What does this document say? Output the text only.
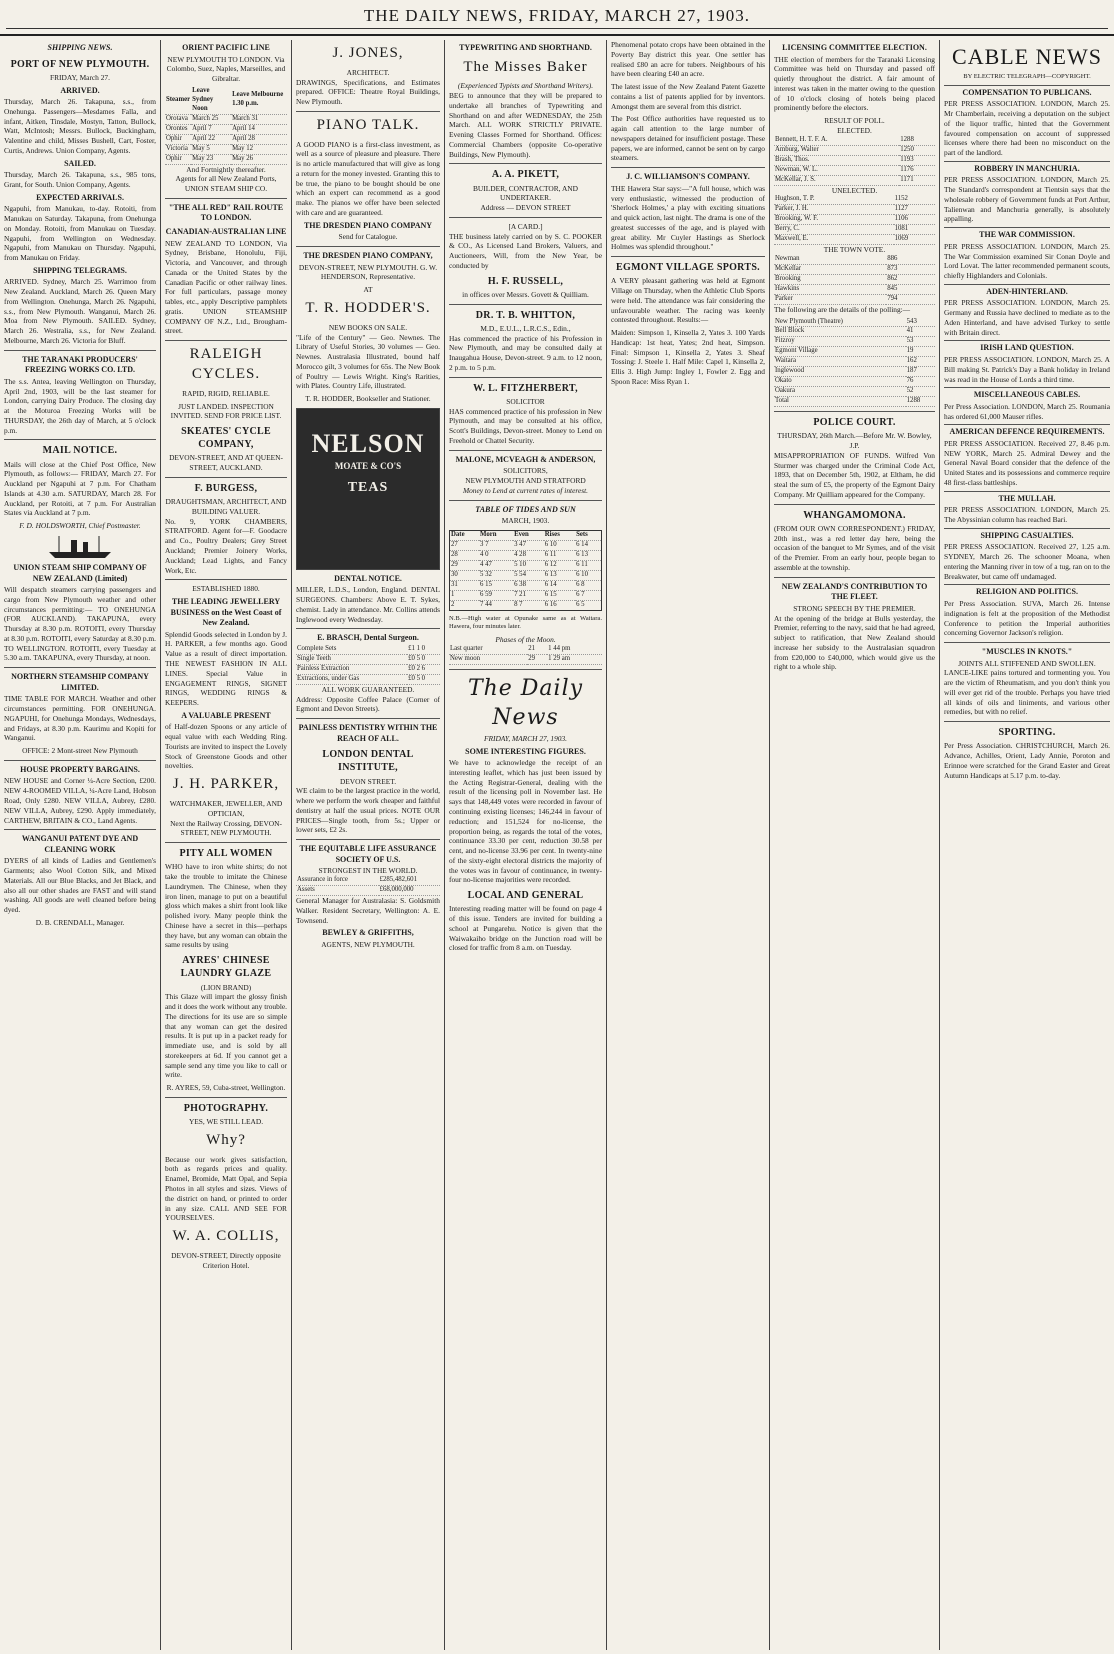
THE DAILY NEWS, FRIDAY, MARCH 27, 1903.
SHIPPING NEWS.
PORT OF NEW PLYMOUTH.
FRIDAY, March 27.
ARRIVED.

Thursday, March 26. Takapuna, s.s., from Onehunga. Passengers—Mesdames Falla, and infant, Aitken, Tinsdale, Mostyn, Tatton, Bullock, Watt, McIntosh; Messrs. Bullock, Buckingham, Valentine and child, Misses Bushell, Cart, Foster, Curtis, Andrews. Union Company, Agents.

SAILED.

Thursday, March 26. Takapuna, s.s., 985 tons, Grant, for South. Union Company, Agents.

EXPECTED ARRIVALS.

Ngapuhi, from Manukau, to-day. Rotoiti, from Manukau on Saturday. Takapuna, from Onehunga on Monday. Rotoiti, from Manukau on Tuesday. Ngapuhi, from Wellington on Wednesday. Ngapuhi, from Manukau on Thursday. Ngapuhi, from Manukau on Friday.

SHIPPING TELEGRAMS.

ARRIVED. Sydney, March 25. Warrimoo from New Zealand. Auckland, March 26. Queen Mary from Wellington. Onehunga, March 26. Ngapuhi, s.s., from New Plymouth. Wanganui, March 26. Moa from New Plymouth. SAILED. Sydney, March 26. Westralia, s.s., for New Zealand. Melbourne, March 26. Victoria for Bluff.

THE TARANAKI PRODUCERS' FREEZING WORKS CO. LTD.

The s.s. Antea, leaving Wellington on Thursday, April 2nd, 1903, will be the last steamer for London, carrying Dairy Produce. The closing day at the Moturoa Freezing Works will be THURSDAY, the 26th day of March, at 5 o'clock p.m.

MAIL NOTICE.

Mails will close at the Chief Post Office, New Plymouth, as follows:— FRIDAY, March 27. For Auckland per Ngapuhi at 7 p.m. For Chatham Islands at 4.30 a.m. SATURDAY, March 28. For Auckland, per Rotoiti, at 7 p.m. For Australian States via Auckland at 7 p.m.

F. D. HOLDSWORTH, Chief Postmaster.
UNION STEAM SHIP COMPANY OF NEW ZEALAND (Limited)

Will despatch steamers carrying passengers and cargo from New Plymouth weather and other circumstances permitting:— TO ONEHUNGA (FOR AUCKLAND). TAKAPUNA, every Thursday at 8.30 p.m. ROTOITI, every Thursday at 8.30 p.m. ROTOITI, every Saturday at 8.30 p.m. TO WELLINGTON. ROTOITI, every Tuesday at 5.30 a.m. TAKAPUNA, every Thursday, at noon.

NORTHERN STEAMSHIP COMPANY LIMITED.

TIME TABLE FOR MARCH. Weather and other circumstances permitting. FOR ONEHUNGA. NGAPUHI, for Onehunga Mondays, Wednesdays, and Fridays, at 8.30 p.m. Kaurimu and Kopiti for Wanganui.

OFFICE: 2 Mont-street New Plymouth
HOUSE PROPERTY BARGAINS.

NEW HOUSE and Corner ¼-Acre Section, £200. NEW 4-ROOMED VILLA, ¼-Acre Land, Hobson Road, Only £280. NEW VILLA, Aubrey, £280. NEW VILLA, Aubrey, £290. Apply immediately, CARTHEW, BRITAIN & CO., Land Agents.

WANGANUI PATENT DYE AND CLEANING WORK

DYERS of all kinds of Ladies and Gentlemen's Garments; also Wool Cotton Silk, and Mixed Materials. All our Blue Blacks, and Jet Black, and also all our other shades are FAST and will stand washing. All goods are well cleaned before being dyed.

D. B. CRENDALL, Manager.
ORIENT PACIFIC LINE

NEW PLYMOUTH TO LONDON. Via Colombo, Suez, Naples, Marseilles, and Gibraltar.

Steamer	Leave Sydney Noon	Leave Melbourne 1.30 p.m.
Orotava	March 25	March 31
Orontes	April 7	April 14
Ophir	April 22	April 28
Victoria	May 5	May 12
Ophir	May 23	May 26
And Fortnightly thereafter.

Agents for all New Zealand Ports, UNION STEAM SHIP CO.

"THE ALL RED" RAIL ROUTE TO LONDON.
CANADIAN-AUSTRALIAN LINE

NEW ZEALAND TO LONDON, Via Sydney, Brisbane, Honolulu, Fiji, Victoria, and Vancouver, and through Canada or the United States by the Canadian Pacific or other railway lines. For full particulars, passage money tables, etc., apply Descriptive pamphlets gratis. UNION STEAMSHIP COMPANY OF N.Z., Ltd., Brougham-street.

RALEIGH CYCLES.

RAPID, RIGID, RELIABLE.

JUST LANDED. INSPECTION INVITED. SEND FOR PRICE LIST.

SKEATES' CYCLE COMPANY,

DEVON-STREET, AND AT QUEEN-STREET, AUCKLAND.

F. BURGESS,
DRAUGHTSMAN, ARCHITECT, AND BUILDING VALUER.

No. 9, YORK CHAMBERS, STRATFORD. Agent for—F. Goodacre and Co., Poultry Dealers; Grey Street Auckland; Premier Joinery Works, Auckland; Lead Lights, and Fancy Work, Etc.

ESTABLISHED 1880.
THE LEADING JEWELLERY BUSINESS on the West Coast of New Zealand.

Splendid Goods selected in London by J. H. PARKER, a few months ago. Good Value as a result of direct importation. THE NEWEST FASHION IN ALL LINES. Special Value in ENGAGEMENT RINGS, SIGNET RINGS, WEDDING RINGS & KEEPERS.

A VALUABLE PRESENT

of Half-dozen Spoons or any article of equal value with each Wedding Ring. Tourists are invited to inspect the Lovely Stock of Greenstone Goods and other novelties.

J. H. PARKER,
WATCHMAKER, JEWELLER, AND OPTICIAN,
Next the Railway Crossing, DEVON-STREET, NEW PLYMOUTH.
PITY ALL WOMEN

WHO have to iron white shirts; do not take the trouble to imitate the Chinese Laundrymen. The Chinese, when they iron linen, manage to put on a beautiful gloss which makes a shirt front look like polished ivory. Many people think the Chinese have a secret in this—perhaps they have, but any woman can obtain the same results by using

AYRES' CHINESE LAUNDRY GLAZE
(LION BRAND)

This Glaze will impart the glossy finish and it does the work without any trouble. The directions for its use are so simple that any woman can get the desired results. It is put up in a packet ready for immediate use, and is sold by all storekeepers at 6d. If you cannot get a sample send any time you like to call or write.

R. AYRES, 59, Cuba-street, Wellington.
PHOTOGRAPHY.
YES, WE STILL LEAD.
Why?

Because our work gives satisfaction, both as regards prices and quality. Enamel, Bromide, Matt Opal, and Sepia Photos in all styles and sizes. Views of the district on hand, or printed to order in any size. CALL AND SEE FOR YOURSELVES.

W. A. COLLIS,
DEVON-STREET, Directly opposite Criterion Hotel.
J. JONES,
ARCHITECT.

DRAWINGS, Specifications, and Estimates prepared. OFFICE: Theatre Royal Buildings, New Plymouth.

PIANO TALK.

A GOOD PIANO is a first-class investment, as well as a source of pleasure and pleasure. There is no article manufactured that will give as long a return for the money invested. Granting this to be true, the piano to be bought should be one which an expert can recommend as a good make. The pianos we offer have been selected with care and are guaranteed.

THE DRESDEN PIANO COMPANY

Send for Catalogue.

THE DRESDEN PIANO COMPANY,

DEVON-STREET, NEW PLYMOUTH. G. W. HENDERSON, Representative.

AT
T. R. HODDER'S.
NEW BOOKS ON SALE.

"Life of the Century" — Geo. Newnes. The Library of Useful Stories, 30 volumes — Geo. Newnes. Australasia Illustrated, bound half Morocco gilt, 3 volumes for 65s. The New Book of Poultry — Lewis Wright. King's Rarities, with Plates. Country Life, illustrated.

T. R. HODDER, Bookseller and Stationer.
NELSON
MOATE & CO'S
TEAS
DENTAL NOTICE.

MILLER, L.D.S., London, England. DENTAL SURGEONS. Chambers: Above E. T. Sykes, chemist. Lady in attendance. Mr. Collins attends Inglewood every Wednesday.

E. BRASCH, Dental Surgeon.
Complete Sets	£1 1 0
Single Teeth	£0 5 0
Painless Extraction	£0 2 6
Extractions, under Gas	£0 5 0
ALL WORK GUARANTEED.

Address: Opposite Coffee Palace (Corner of Egmont and Devon Streets).

PAINLESS DENTISTRY WITHIN THE REACH OF ALL.
LONDON DENTAL INSTITUTE,
DEVON STREET.

WE claim to be the largest practice in the world, where we perform the work cheaper and faithful dentistry at half the usual prices. NOTE OUR PRICES—Single tooth, from 5s.; Upper or lower sets, £2 2s.

THE EQUITABLE LIFE ASSURANCE SOCIETY OF U.S.
STRONGEST IN THE WORLD.
Assurance in force	£285,482,601
Assets	£68,000,000

General Manager for Australasia: S. Goldsmith Walker. Resident Secretary, Wellington: A. E. Townsend.

BEWLEY & GRIFFITHS,
AGENTS, NEW PLYMOUTH.
TYPEWRITING AND SHORTHAND.
The Misses Baker
(Experienced Typists and Shorthand Writers).

BEG to announce that they will be prepared to undertake all branches of Typewriting and Shorthand on and after WEDNESDAY, the 25th March. ALL WORK STRICTLY PRIVATE. Evening Classes Formed for Shorthand. Offices: Commercial Chambers (opposite Co-operative Buildings, New Plymouth).

A. A. PIKETT,
BUILDER, CONTRACTOR, AND UNDERTAKER.
Address — DEVON STREET
[A CARD.]

THE business lately carried on by S. C. POOKER & CO., As Licensed Land Brokers, Valuers, and Auctioneers, Will, from the New Year, be conducted by

H. F. RUSSELL,
in offices over Messrs. Govett & Quilliam.
DR. T. B. WHITTON,
M.D., E.U.L., L.R.C.S., Edin.,

Has commenced the practice of his Profession in New Plymouth, and may be consulted daily at Inaugahua House, Devon-street. 9 a.m. to 12 noon, 2 p.m. to 5 p.m.

W. L. FITZHERBERT,
SOLICITOR

HAS commenced practice of his profession in New Plymouth, and may be consulted at his office, Scott's Buildings, Devon-street. Money to Lend on Freehold or Chattel Security.

MALONE, MCVEAGH & ANDERSON,
SOLICITORS,
NEW PLYMOUTH AND STRATFORD
Money to Lend at current rates of interest.
TABLE OF TIDES AND SUN
MARCH, 1903.
Date	Morn	Even	Rises	Sets
27	3 7	3 47	6 10	6 14
28	4 0	4 28	6 11	6 13
29	4 47	5 10	6 12	6 11
30	5 32	5 54	6 13	6 10
31	6 15	6 38	6 14	6 8
1	6 59	7 21	6 15	6 7
2	7 44	8 7	6 16	6 5

N.B.—High water at Opunake same as at Waitara. Hawera, four minutes later.

Phases of the Moon.
Last quarter	21	1 44 pm
New moon	29	1 29 am
The Daily News
FRIDAY, MARCH 27, 1903.
SOME INTERESTING FIGURES.

We have to acknowledge the receipt of an interesting leaflet, which has just been issued by the Acting Registrar-General, dealing with the result of the licensing poll in November last. He says that 148,449 votes were recorded in favour of continuing existing licenses; 146,244 in favour of reduction; and 151,524 for no-license, the proportion being, as regards the total of the votes, continuance 33.30 per cent, reduction 30.58 per cent, and no-license 33.96 per cent. In twenty-nine of the sixty-eight electoral districts the majority of the votes was in favour of continuance, in twenty-four no-license majorities were recorded.

LOCAL AND GENERAL

Interesting reading matter will be found on page 4 of this issue. Tenders are invited for building a school at Pungarehu. Notice is given that the Waiwakaiho bridge on the Junction road will be closed for traffic from 8 a.m. on Tuesday.

Phenomenal potato crops have been obtained in the Poverty Bay district this year. One settler has realised £80 an acre for tubers. Neighbours of his have been clearing £40 an acre.

The latest issue of the New Zealand Patent Gazette contains a list of patents applied for by inventors. Amongst them are several from this district.

The Post Office authorities have requested us to again call attention to the large number of newspapers detained for insufficient postage. These papers, we are informed, cannot be sent on by cargo steamers.

J. C. WILLIAMSON'S COMPANY.

THE Hawera Star says:—"A full house, which was very enthusiastic, witnessed the production of 'Sherlock Holmes,' a play with exciting situations and quick action, last night. The drama is one of the greatest successes of the age, and is played with great ability. Mr Cuyler Hastings as Sherlock Holmes was splendid throughout."

EGMONT VILLAGE SPORTS.

A VERY pleasant gathering was held at Egmont Village on Thursday, when the Athletic Club Sports were held. The attendance was fair considering the unfavourable weather. The racing was keenly contested throughout. Results:—

Maiden: Simpson 1, Kinsella 2, Yates 3. 100 Yards Handicap: 1st heat, Yates; 2nd heat, Simpson. Final: Simpson 1, Kinsella 2, Yates 3. Sheaf Tossing: J. Steele 1. Half Mile: Capel 1, Kinsella 2, Ellis 3. High Jump: Ingley 1, Fowler 2. Egg and Spoon Race: Miss Ryan 1.

LICENSING COMMITTEE ELECTION.

THE election of members for the Taranaki Licensing Committee was held on Thursday and passed off quietly throughout the district. A fair amount of interest was taken in the matter owing to the question of 10 o'clock closing of hotels being placed prominently before the electors.

RESULT OF POLL.
ELECTED.
Bennett, H. T. F. A.	1288
Amburg, Walter	1250
Brash, Thos.	1193
Newman, W. L.	1176
McKellar, J. S.	1171
UNELECTED.
Hughson, T. P.	1152
Parker, J. H.	1127
Brooking, W. F.	1106
Berry, C.	1081
Maxwell, E.	1069
THE TOWN VOTE.
Newman	886
McKellar	873
Brooking	862
Hawkins	845
Parker	794

The following are the details of the polling:—

New Plymouth (Theatre)	543
Bell Block	41
Fitzroy	53
Egmont Village	19
Waitara	162
Inglewood	187
Okato	76
Oakura	52
Total	1288
POLICE COURT.
THURSDAY, 26th March.—Before Mr. W. Bowley, J.P.

MISAPPROPRIATION OF FUNDS. Wilfred Von Sturmer was charged under the Criminal Code Act, 1893, that on December 5th, 1902, at Eltham, he did steal the sum of £5, the property of the Egmont Dairy Company. Mr Quilliam appeared for the Company.

WHANGAMOMONA.

(FROM OUR OWN CORRESPONDENT.) FRIDAY, 20th inst., was a red letter day here, being the occasion of the banquet to Mr Symes, and of the visit of the Premier. From an early hour, people began to assemble at the township.

NEW ZEALAND'S CONTRIBUTION TO THE FLEET.
STRONG SPEECH BY THE PREMIER.

At the opening of the bridge at Bulls yesterday, the Premier, referring to the navy, said that he had agreed, subject to ratification, that New Zealand should increase her subsidy to the Australasian squadron from £20,000 to £40,000, which would give us the right to a whole ship.

CABLE NEWS
BY ELECTRIC TELEGRAPH—COPYRIGHT.
COMPENSATION TO PUBLICANS.

PER PRESS ASSOCIATION. LONDON, March 25. Mr Chamberlain, receiving a deputation on the subject of the liquor traffic, hinted that the Government favoured compensation on account of suppressed licenses where there had been no misconduct on the part of the landlord.

ROBBERY IN MANCHURIA.

PER PRESS ASSOCIATION. LONDON, March 25. The Standard's correspondent at Tientsin says that the wholesale robbery of Government funds at Port Arthur, Talienwan and Manchuria generally, is absolutely appalling.

THE WAR COMMISSION.

PER PRESS ASSOCIATION. LONDON, March 25. The War Commission examined Sir Conan Doyle and Lord Lovat. The latter recommended permanent scouts, chiefly Highlanders and Colonials.

ADEN-HINTERLAND.

PER PRESS ASSOCIATION. LONDON, March 25. Germany and Russia have declined to mediate as to the Aden Hinterland, and have advised Turkey to settle with Britain direct.

IRISH LAND QUESTION.

PER PRESS ASSOCIATION. LONDON, March 25. A Bill making St. Patrick's Day a Bank holiday in Ireland was read in the House of Lords a third time.

MISCELLANEOUS CABLES.

Per Press Association. LONDON, March 25. Roumania has ordered 61,000 Mauser rifles.

AMERICAN DEFENCE REQUIREMENTS.

PER PRESS ASSOCIATION. Received 27, 8.46 p.m. NEW YORK, March 25. Admiral Dewey and the General Naval Board consider that the defence of the United States and its possessions and commerce require 48 first-class battleships.

THE MULLAH.

PER PRESS ASSOCIATION. LONDON, March 25. The Abyssinian column has reached Bari.

SHIPPING CASUALTIES.

PER PRESS ASSOCIATION. Received 27, 1.25 a.m. SYDNEY, March 26. The schooner Moana, when entering the Manning river in tow of a tug, ran on to the Breakwater, but came off undamaged.

RELIGION AND POLITICS.

Per Press Association. SUVA, March 26. Intense indignation is felt at the proposition of the Methodist Conference to petition the Imperial authorities concerning Governor Jackson's religion.

"MUSCLES IN KNOTS."
JOINTS ALL STIFFENED AND SWOLLEN.

LANCE-LIKE pains tortured and tormenting you. You are the victim of Rheumatism, and you don't think you will ever get rid of the trouble. Perhaps you have tried all kinds of oils and liniments, and various other remedies, but with no relief.

SPORTING.

Per Press Association. CHRISTCHURCH, March 26. Advance, Achilles, Orient, Lady Annie, Poroton and Erinnoe were scratched for the Grand Easter and Great Autumn Handicaps at 5.17 p.m. to-day.
